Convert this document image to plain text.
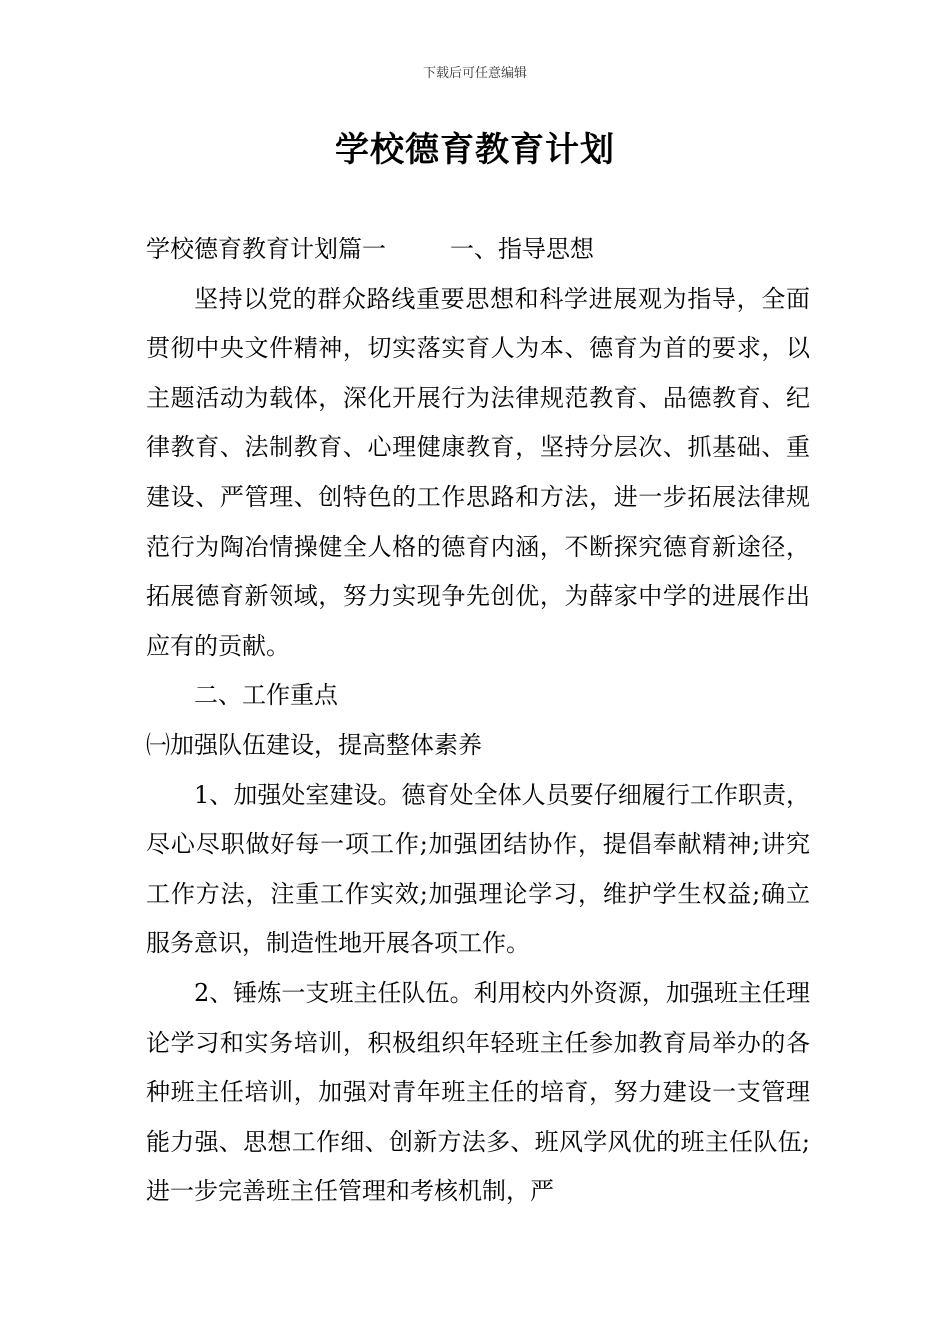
下载后可任意编辑
学校德育教育计划

学校德育教育计划篇一	一、指导思想

坚持以党的群众路线重要思想和科学进展观为指导，全面贯彻中央文件精神，切实落实育人为本、德育为首的要求，以主题活动为载体，深化开展行为法律规范教育、品德教育、纪律教育、法制教育、心理健康教育，坚持分层次、抓基础、重建设、严管理、创特色的工作思路和方法，进一步拓展法律规范行为陶冶情操健全人格的德育内涵，不断探究德育新途径，拓展德育新领域，努力实现争先创优，为薛家中学的进展作出应有的贡献。

二、工作重点

㈠加强队伍建设，提高整体素养

1、加强处室建设。德育处全体人员要仔细履行工作职责，尽心尽职做好每一项工作;加强团结协作，提倡奉献精神;讲究工作方法，注重工作实效;加强理论学习，维护学生权益;确立服务意识，制造性地开展各项工作。

2、锤炼一支班主任队伍。利用校内外资源，加强班主任理论学习和实务培训，积极组织年轻班主任参加教育局举办的各种班主任培训，加强对青年班主任的培育，努力建设一支管理能力强、思想工作细、创新方法多、班风学风优的班主任队伍;进一步完善班主任管理和考核机制，严
